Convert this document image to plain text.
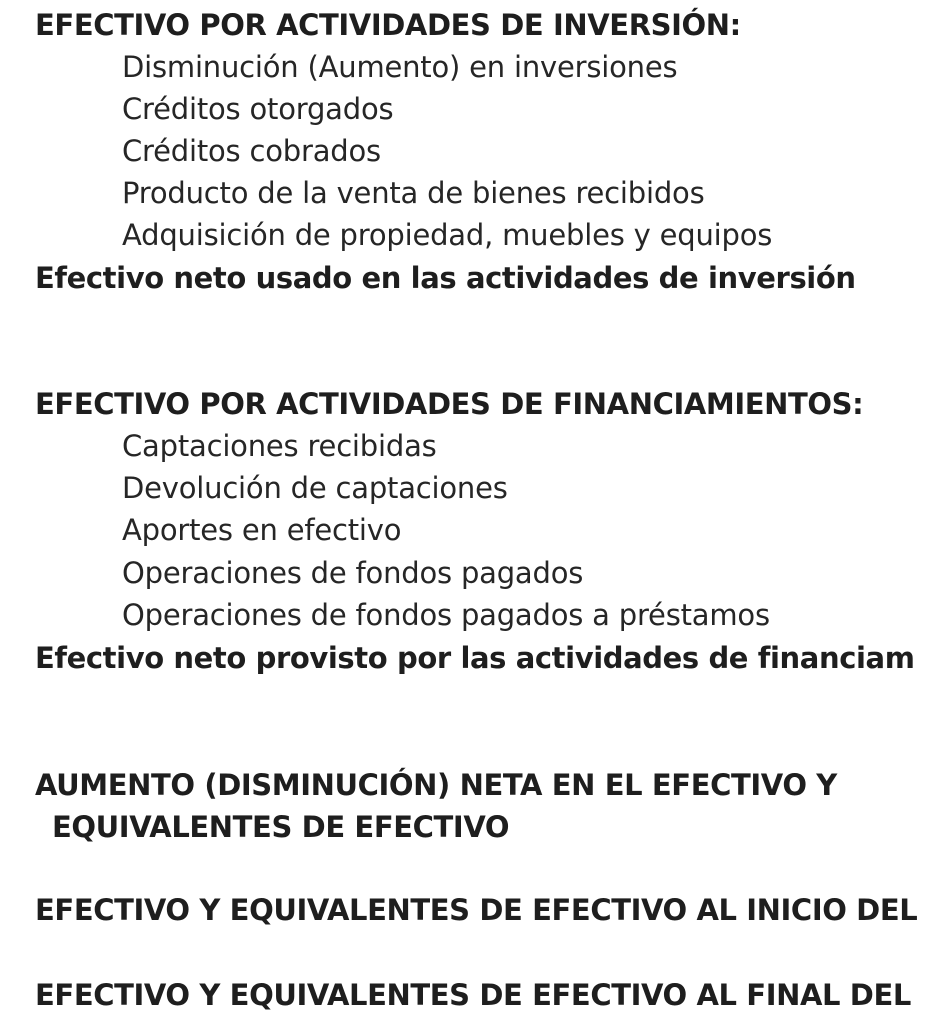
EFECTIVO POR ACTIVIDADES DE INVERSIÓN:
Disminución (Aumento) en inversiones
Créditos otorgados
Créditos cobrados
Producto de la venta de bienes recibidos
Adquisición de propiedad, muebles y equipos
Efectivo neto usado en las actividades de inversión
EFECTIVO POR ACTIVIDADES DE FINANCIAMIENTOS:
Captaciones recibidas
Devolución de captaciones
Aportes en efectivo
Operaciones de fondos pagados
Operaciones de fondos pagados a préstamos
Efectivo neto provisto por las actividades de financiam
AUMENTO (DISMINUCIÓN) NETA EN EL EFECTIVO Y
EQUIVALENTES DE EFECTIVO
EFECTIVO Y EQUIVALENTES DE EFECTIVO AL INICIO DEL
EFECTIVO Y EQUIVALENTES DE EFECTIVO AL FINAL DEL
